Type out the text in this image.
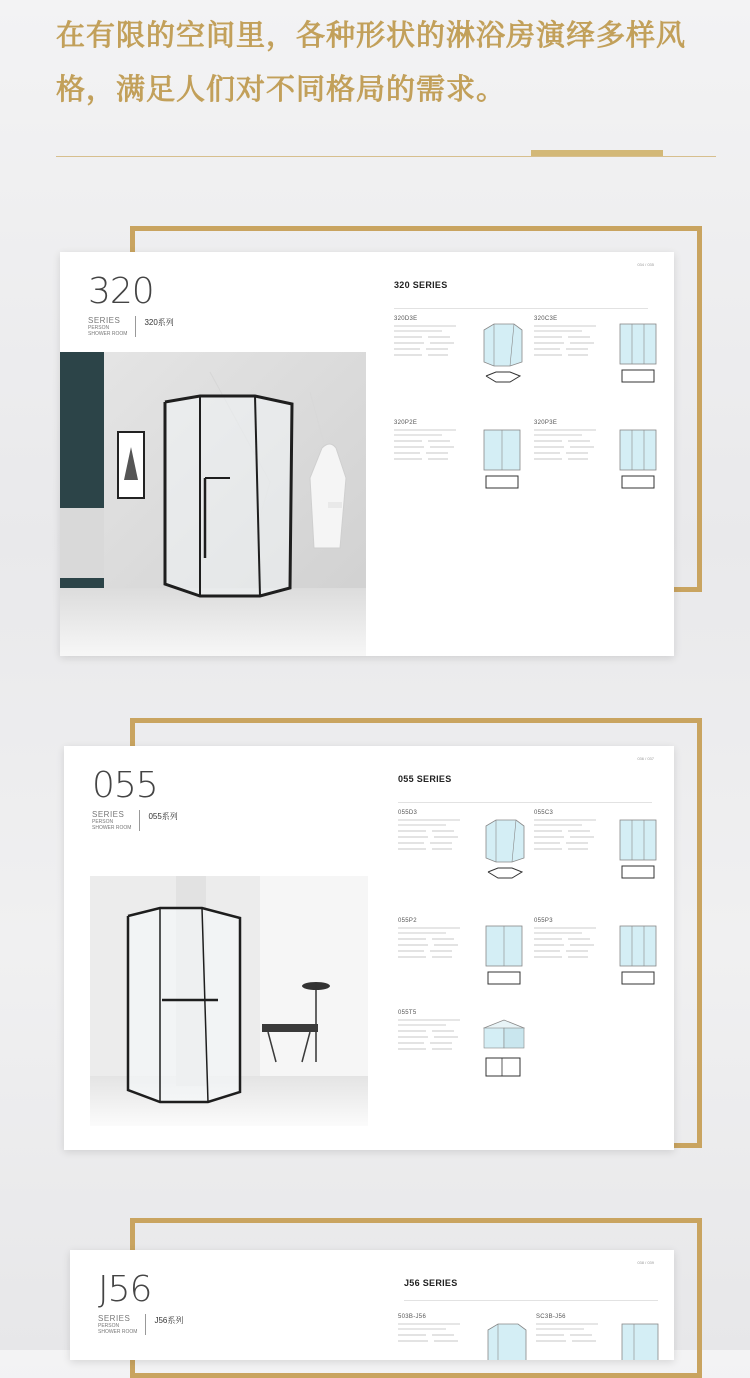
在有限的空间里，各种形状的淋浴房演绎多样风格，满足人们对不同格局的需求。
320
SERIES
PERSON
SHOWER ROOM
320系列
034 / 035
320 SERIES
320D3E	320C3E
320P2E	320P3E
055
SERIES
PERSON
SHOWER ROOM
055系列
036 / 037
055 SERIES
055D3	055C3
055P2	055P3
055T5
J56
SERIES
PERSON
SHOWER ROOM
J56系列
038 / 039
J56 SERIES
503B-J56	SC3B-J56
